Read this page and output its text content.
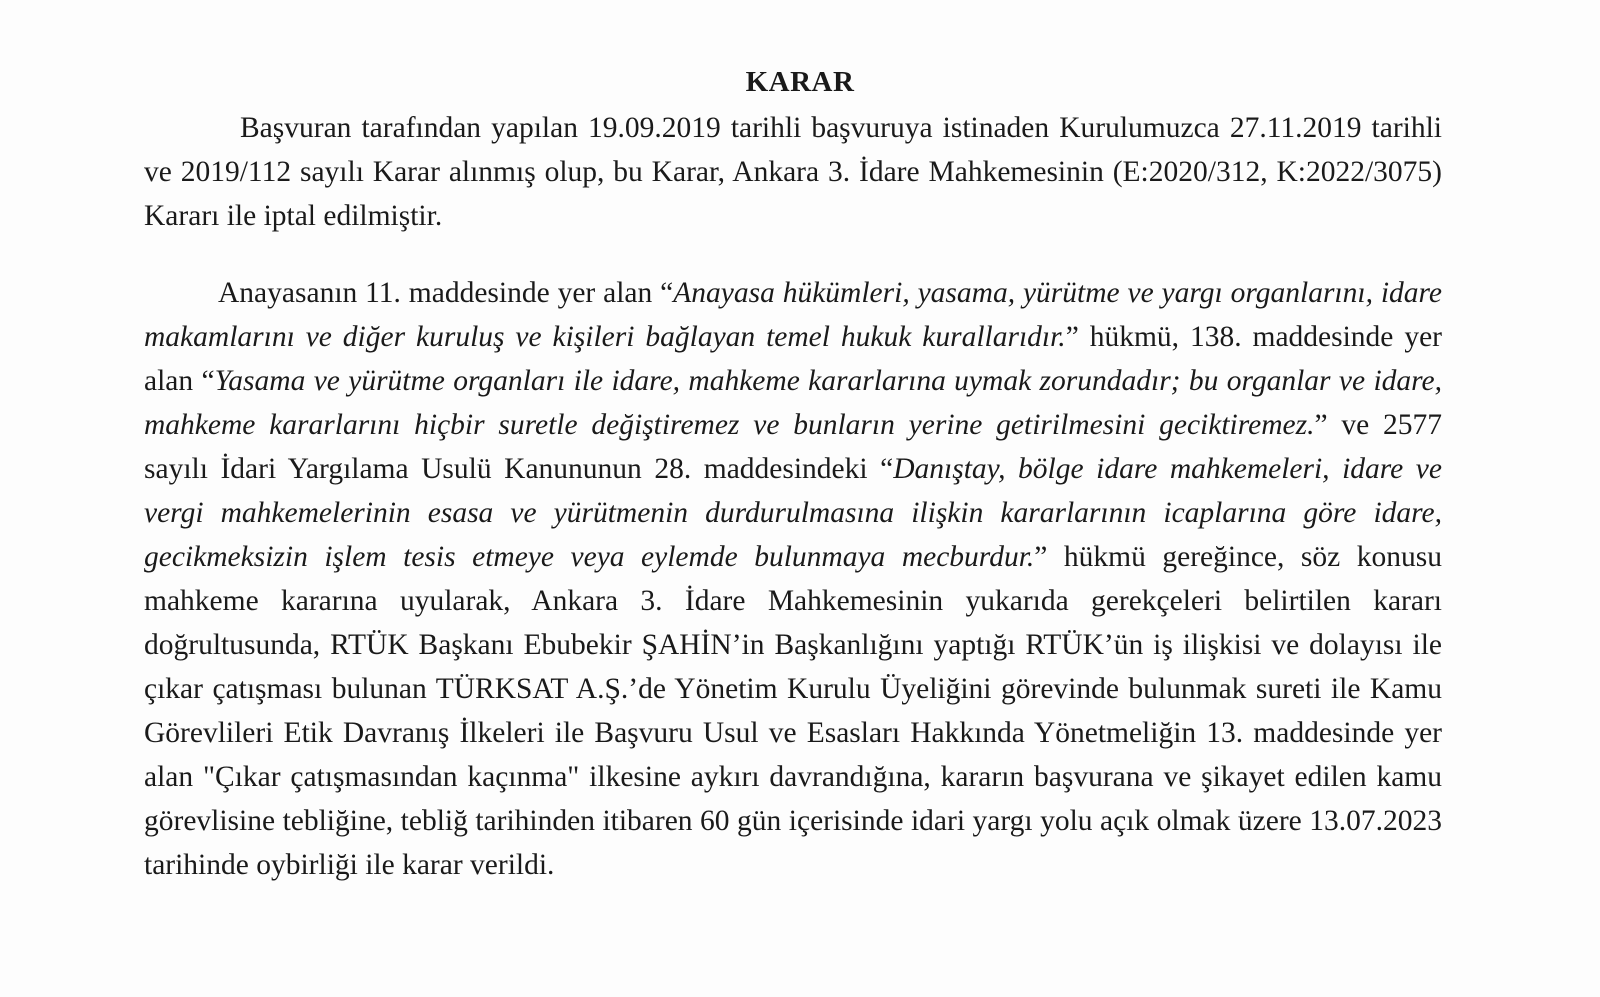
KARAR

Başvuran tarafından yapılan 19.09.2019 tarihli başvuruya istinaden Kurulumuzca 27.11.2019 tarihli ve 2019/112 sayılı Karar alınmış olup, bu Karar, Ankara 3. İdare Mahkemesinin (E:2020/312, K:2022/3075) Kararı ile iptal edilmiştir.

Anayasanın 11. maddesinde yer alan “Anayasa hükümleri, yasama, yürütme ve yargı organlarını, idare makamlarını ve diğer kuruluş ve kişileri bağlayan temel hukuk kurallarıdır.” hükmü, 138. maddesinde yer alan “Yasama ve yürütme organları ile idare, mahkeme kararlarına uymak zorundadır; bu organlar ve idare, mahkeme kararlarını hiçbir suretle değiştiremez ve bunların yerine getirilmesini geciktiremez.” ve 2577 sayılı İdari Yargılama Usulü Kanununun 28. maddesindeki “Danıştay, bölge idare mahkemeleri, idare ve vergi mahkemelerinin esasa ve yürütmenin durdurulmasına ilişkin kararlarının icaplarına göre idare, gecikmeksizin işlem tesis etmeye veya eylemde bulunmaya mecburdur.” hükmü gereğince, söz konusu mahkeme kararına uyularak, Ankara 3. İdare Mahkemesinin yukarıda gerekçeleri belirtilen kararı doğrultusunda, RTÜK Başkanı Ebubekir ŞAHİN’in Başkanlığını yaptığı RTÜK’ün iş ilişkisi ve dolayısı ile çıkar çatışması bulunan TÜRKSAT A.Ş.’de Yönetim Kurulu Üyeliğini görevinde bulunmak sureti ile Kamu Görevlileri Etik Davranış İlkeleri ile Başvuru Usul ve Esasları Hakkında Yönetmeliğin 13. maddesinde yer alan "Çıkar çatışmasından kaçınma" ilkesine aykırı davrandığına, kararın başvurana ve şikayet edilen kamu görevlisine tebliğine, tebliğ tarihinden itibaren 60 gün içerisinde idari yargı yolu açık olmak üzere 13.07.2023 tarihinde oybirliği ile karar verildi.
